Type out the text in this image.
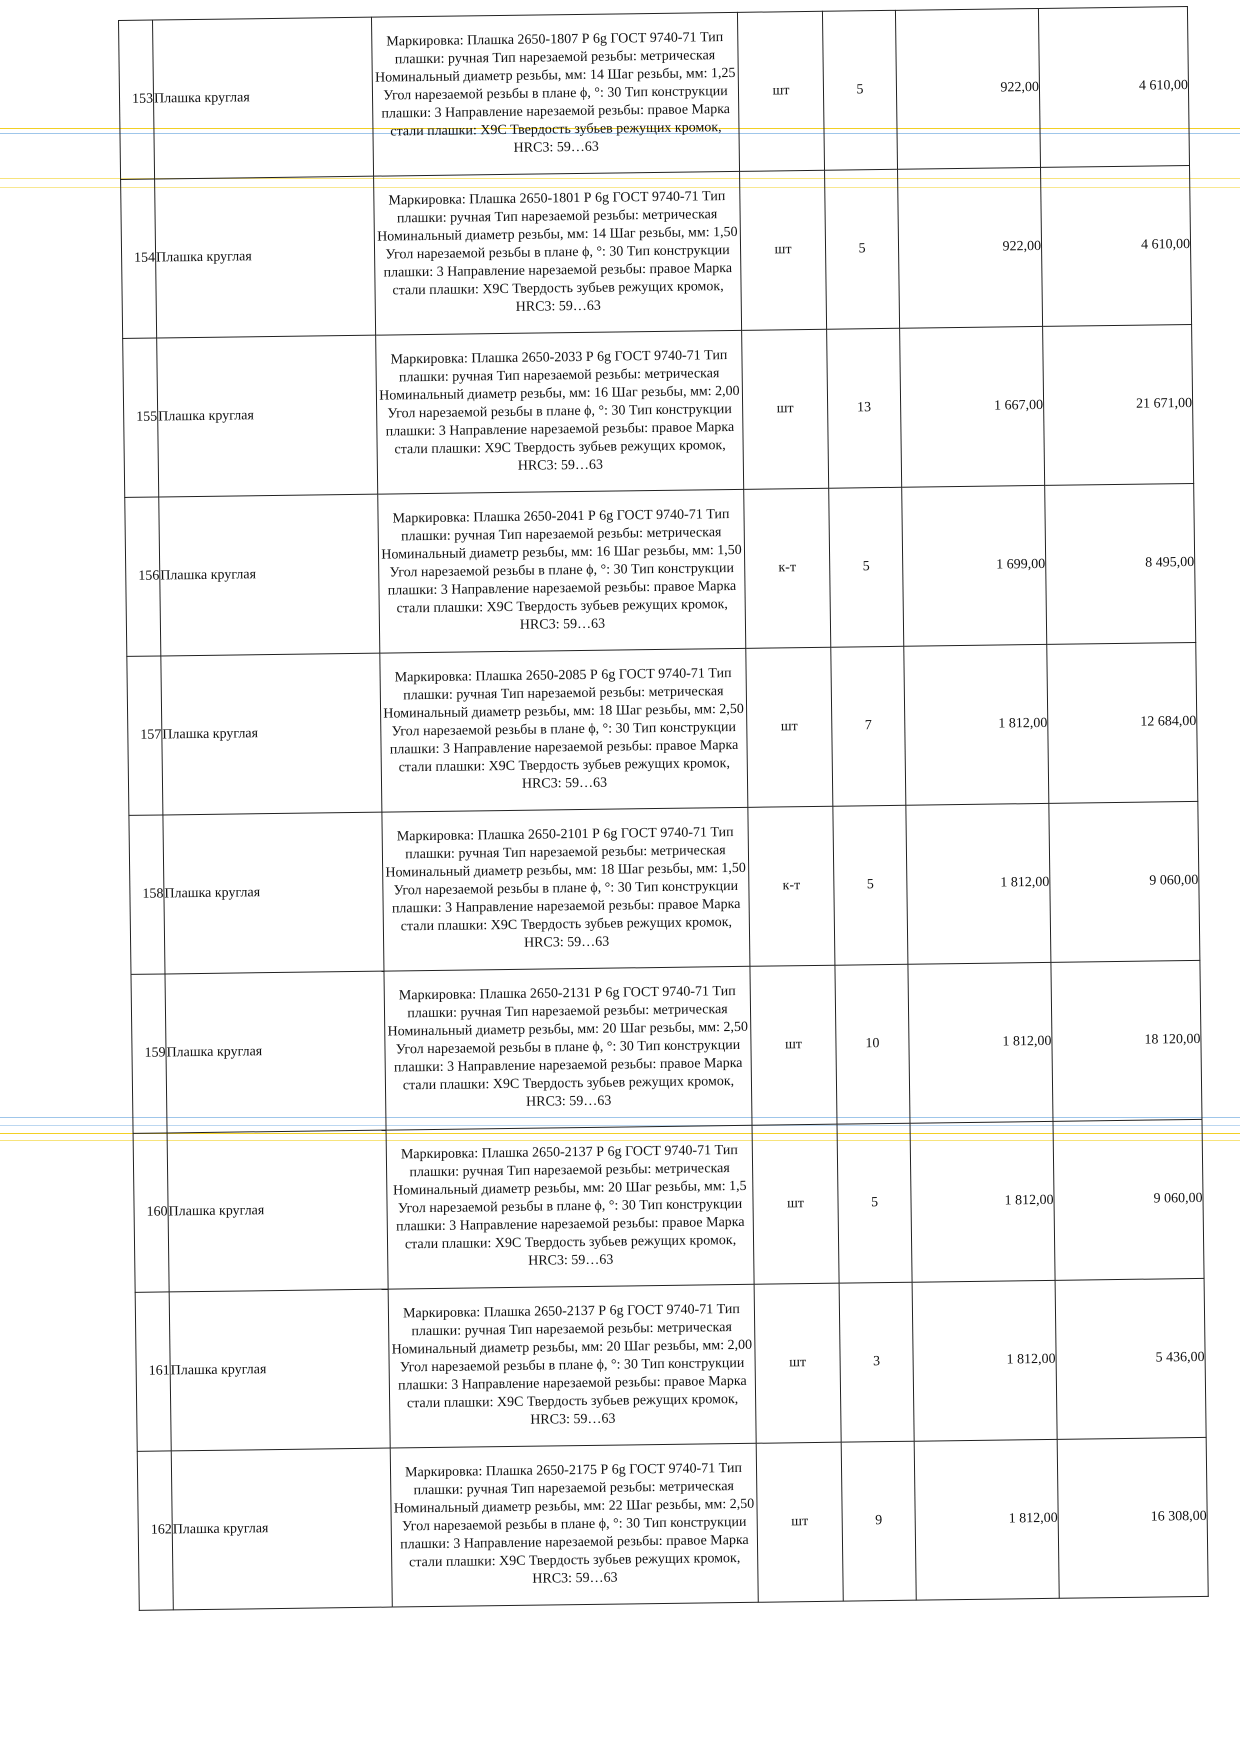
153	Плашка круглая	Маркировка: Плашка 2650-1807 Р 6g ГОСТ 9740-71 Тип плашки: ручная Тип нарезаемой резьбы: метрическая Номинальный диаметр резьбы, мм: 14 Шаг резьбы, мм: 1,25 Угол нарезаемой резьбы в плане ϕ, °: 30 Тип конструкции плашки: 3 Направление нарезаемой резьбы: правое Марка стали плашки: Х9С Твердость зубьев режущих кромок, HRC3: 59…63	шт	5	922,00	4 610,00
154	Плашка круглая	Маркировка: Плашка 2650-1801 Р 6g ГОСТ 9740-71 Тип плашки: ручная Тип нарезаемой резьбы: метрическая Номинальный диаметр резьбы, мм: 14 Шаг резьбы, мм: 1,50 Угол нарезаемой резьбы в плане ϕ, °: 30 Тип конструкции плашки: 3 Направление нарезаемой резьбы: правое Марка стали плашки: Х9С Твердость зубьев режущих кромок, HRC3: 59…63	шт	5	922,00	4 610,00
155	Плашка круглая	Маркировка: Плашка 2650-2033 Р 6g ГОСТ 9740-71 Тип плашки: ручная Тип нарезаемой резьбы: метрическая Номинальный диаметр резьбы, мм: 16 Шаг резьбы, мм: 2,00 Угол нарезаемой резьбы в плане ϕ, °: 30 Тип конструкции плашки: 3 Направление нарезаемой резьбы: правое Марка стали плашки: Х9С Твердость зубьев режущих кромок, HRC3: 59…63	шт	13	1 667,00	21 671,00
156	Плашка круглая	Маркировка: Плашка 2650-2041 Р 6g ГОСТ 9740-71 Тип плашки: ручная Тип нарезаемой резьбы: метрическая Номинальный диаметр резьбы, мм: 16 Шаг резьбы, мм: 1,50 Угол нарезаемой резьбы в плане ϕ, °: 30 Тип конструкции плашки: 3 Направление нарезаемой резьбы: правое Марка стали плашки: Х9С Твердость зубьев режущих кромок, HRC3: 59…63	к-т	5	1 699,00	8 495,00
157	Плашка круглая	Маркировка: Плашка 2650-2085 Р 6g ГОСТ 9740-71 Тип плашки: ручная Тип нарезаемой резьбы: метрическая Номинальный диаметр резьбы, мм: 18 Шаг резьбы, мм: 2,50 Угол нарезаемой резьбы в плане ϕ, °: 30 Тип конструкции плашки: 3 Направление нарезаемой резьбы: правое Марка стали плашки: Х9С Твердость зубьев режущих кромок, HRC3: 59…63	шт	7	1 812,00	12 684,00
158	Плашка круглая	Маркировка: Плашка 2650-2101 Р 6g ГОСТ 9740-71 Тип плашки: ручная Тип нарезаемой резьбы: метрическая Номинальный диаметр резьбы, мм: 18 Шаг резьбы, мм: 1,50 Угол нарезаемой резьбы в плане ϕ, °: 30 Тип конструкции плашки: 3 Направление нарезаемой резьбы: правое Марка стали плашки: Х9С Твердость зубьев режущих кромок, HRC3: 59…63	к-т	5	1 812,00	9 060,00
159	Плашка круглая	Маркировка: Плашка 2650-2131 Р 6g ГОСТ 9740-71 Тип плашки: ручная Тип нарезаемой резьбы: метрическая Номинальный диаметр резьбы, мм: 20 Шаг резьбы, мм: 2,50 Угол нарезаемой резьбы в плане ϕ, °: 30 Тип конструкции плашки: 3 Направление нарезаемой резьбы: правое Марка стали плашки: Х9С Твердость зубьев режущих кромок, HRC3: 59…63	шт	10	1 812,00	18 120,00
160	Плашка круглая	Маркировка: Плашка 2650-2137 Р 6g ГОСТ 9740-71 Тип плашки: ручная Тип нарезаемой резьбы: метрическая Номинальный диаметр резьбы, мм: 20 Шаг резьбы, мм: 1,5 Угол нарезаемой резьбы в плане ϕ, °: 30 Тип конструкции плашки: 3 Направление нарезаемой резьбы: правое Марка стали плашки: Х9С Твердость зубьев режущих кромок, HRC3: 59…63	шт	5	1 812,00	9 060,00
161	Плашка круглая	Маркировка: Плашка 2650-2137 Р 6g ГОСТ 9740-71 Тип плашки: ручная Тип нарезаемой резьбы: метрическая Номинальный диаметр резьбы, мм: 20 Шаг резьбы, мм: 2,00 Угол нарезаемой резьбы в плане ϕ, °: 30 Тип конструкции плашки: 3 Направление нарезаемой резьбы: правое Марка стали плашки: Х9С Твердость зубьев режущих кромок, HRC3: 59…63	шт	3	1 812,00	5 436,00
162	Плашка круглая	Маркировка: Плашка 2650-2175 Р 6g ГОСТ 9740-71 Тип плашки: ручная Тип нарезаемой резьбы: метрическая Номинальный диаметр резьбы, мм: 22 Шаг резьбы, мм: 2,50 Угол нарезаемой резьбы в плане ϕ, °: 30 Тип конструкции плашки: 3 Направление нарезаемой резьбы: правое Марка стали плашки: Х9С Твердость зубьев режущих кромок, HRC3: 59…63	шт	9	1 812,00	16 308,00
